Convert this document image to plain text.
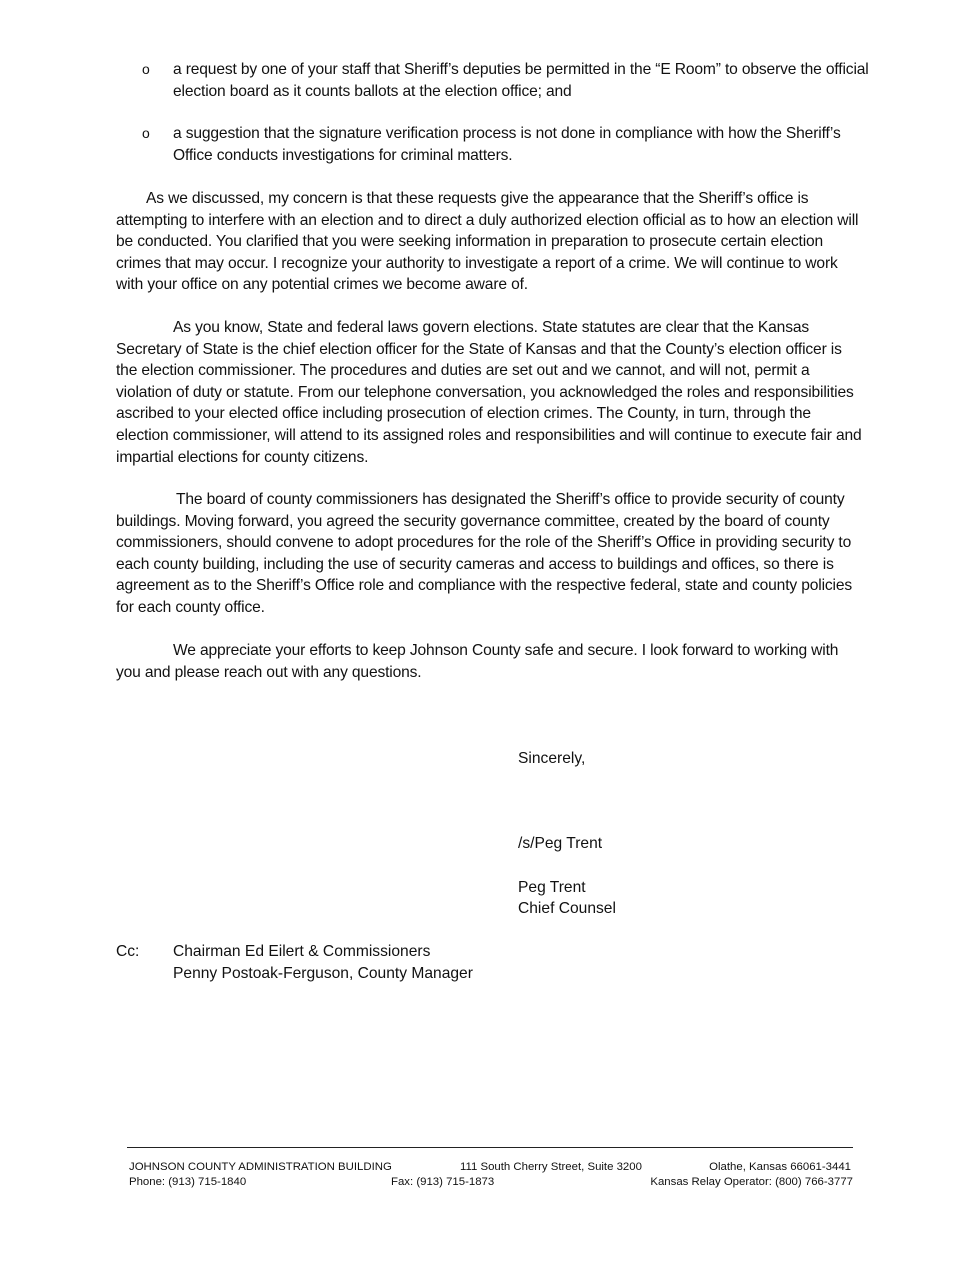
o a request by one of your staff that Sheriff’s deputies be permitted in the “E Room” to observe the official election board as it counts ballots at the election office; and
o a suggestion that the signature verification process is not done in compliance with how the Sheriff’s Office conducts investigations for criminal matters.

As we discussed, my concern is that these requests give the appearance that the Sheriff’s office is attempting to interfere with an election and to direct a duly authorized election official as to how an election will be conducted. You clarified that you were seeking information in preparation to prosecute certain election crimes that may occur. I recognize your authority to investigate a report of a crime. We will continue to work with your office on any potential crimes we become aware of.

As you know, State and federal laws govern elections. State statutes are clear that the Kansas Secretary of State is the chief election officer for the State of Kansas and that the County’s election officer is the election commissioner. The procedures and duties are set out and we cannot, and will not, permit a violation of duty or statute. From our telephone conversation, you acknowledged the roles and responsibilities ascribed to your elected office including prosecution of election crimes. The County, in turn, through the election commissioner, will attend to its assigned roles and responsibilities and will continue to execute fair and impartial elections for county citizens.

The board of county commissioners has designated the Sheriff’s office to provide security of county buildings. Moving forward, you agreed the security governance committee, created by the board of county commissioners, should convene to adopt procedures for the role of the Sheriff’s Office in providing security to each county building, including the use of security cameras and access to buildings and offices, so there is agreement as to the Sheriff’s Office role and compliance with the respective federal, state and county policies for each county office.

We appreciate your efforts to keep Johnson County safe and secure. I look forward to working with you and please reach out with any questions.

Sincerely,
/s/Peg Trent
Peg Trent
Chief Counsel
Cc: Chairman Ed Eilert & Commissioners
Penny Postoak-Ferguson, County Manager
JOHNSON COUNTY ADMINISTRATION BUILDING	111 South Cherry Street, Suite 3200	Olathe, Kansas 66061-3441
Phone: (913) 715-1840	Fax: (913) 715-1873	Kansas Relay Operator: (800) 766-3777
